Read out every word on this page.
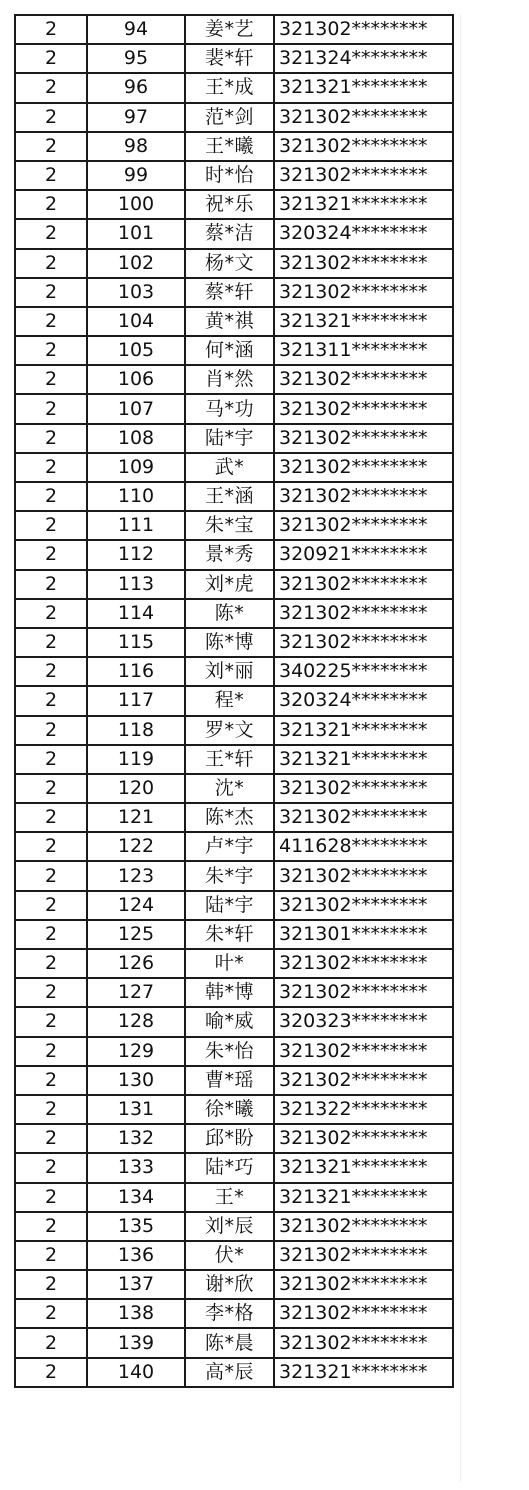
2	94	姜*艺	321302********
2	95	裴*轩	321324********
2	96	王*成	321321********
2	97	范*剑	321302********
2	98	王*曦	321302********
2	99	时*怡	321302********
2	100	祝*乐	321321********
2	101	蔡*洁	320324********
2	102	杨*文	321302********
2	103	蔡*轩	321302********
2	104	黄*祺	321321********
2	105	何*涵	321311********
2	106	肖*然	321302********
2	107	马*功	321302********
2	108	陆*宇	321302********
2	109	武*	321302********
2	110	王*涵	321302********
2	111	朱*宝	321302********
2	112	景*秀	320921********
2	113	刘*虎	321302********
2	114	陈*	321302********
2	115	陈*博	321302********
2	116	刘*丽	340225********
2	117	程*	320324********
2	118	罗*文	321321********
2	119	王*轩	321321********
2	120	沈*	321302********
2	121	陈*杰	321302********
2	122	卢*宇	411628********
2	123	朱*宇	321302********
2	124	陆*宇	321302********
2	125	朱*轩	321301********
2	126	叶*	321302********
2	127	韩*博	321302********
2	128	喻*威	320323********
2	129	朱*怡	321302********
2	130	曹*瑶	321302********
2	131	徐*曦	321322********
2	132	邱*盼	321302********
2	133	陆*巧	321321********
2	134	王*	321321********
2	135	刘*辰	321302********
2	136	伏*	321302********
2	137	谢*欣	321302********
2	138	李*格	321302********
2	139	陈*晨	321302********
2	140	高*辰	321321********
